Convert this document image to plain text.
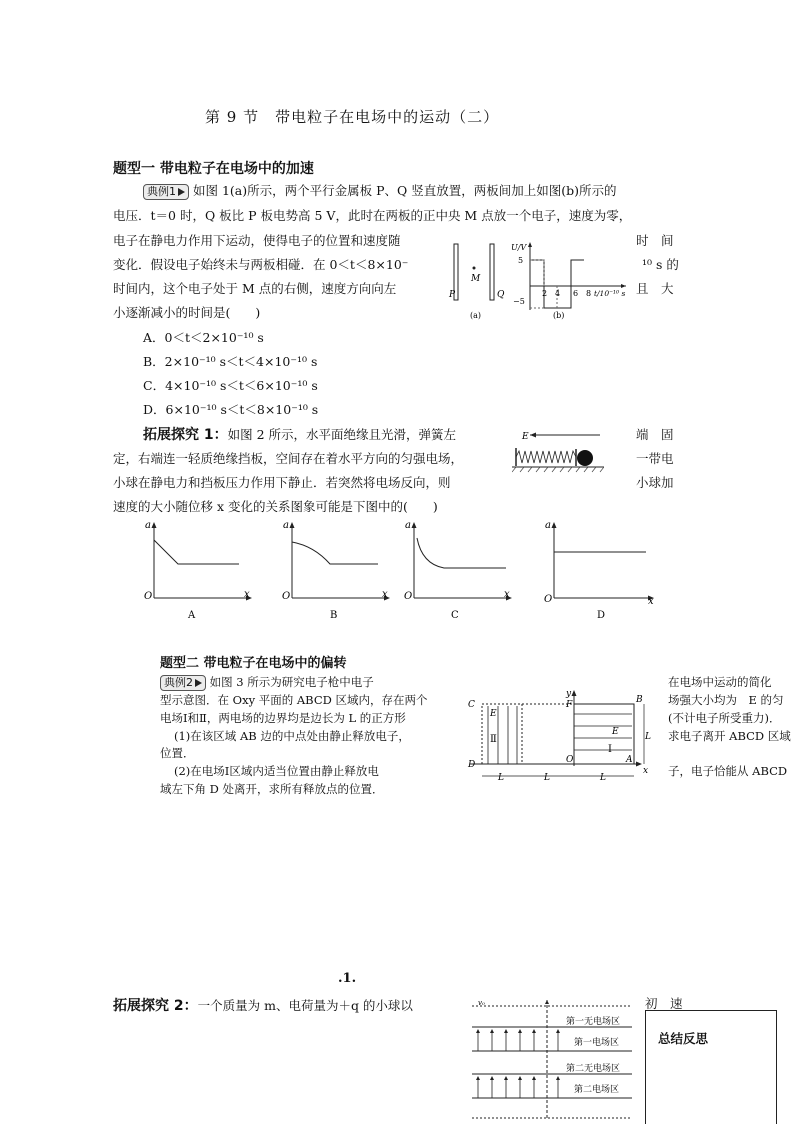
第 9 节　带电粒子在电场中的运动（二）
题型一 带电粒子在电场中的加速
典例1 如图 1(a)所示，两个平行金属板 P、Q 竖直放置，两板间加上如图(b)所示的
电压．t＝0 时，Q 板比 P 板电势高 5 V，此时在两板的正中央 M 点放一个电子，速度为零，
电子在静电力作用下运动，使得电子的位置和速度随
变化．假设电子始终未与两板相碰．在 0＜t＜8×10⁻
时间内，这个电子处于 M 点的右侧，速度方向向左
小逐渐减小的时间是(　　)
时　间
¹⁰ s 的
且　大
A．0＜t＜2×10⁻¹⁰ s
B．2×10⁻¹⁰ s＜t＜4×10⁻¹⁰ s
C．4×10⁻¹⁰ s＜t＜6×10⁻¹⁰ s
D．6×10⁻¹⁰ s＜t＜8×10⁻¹⁰ s
M
P	Q
(a)
U/V
5
−5
2 4 6 8 t/10⁻¹⁰ s
(b)
拓展探究 1：如图 2 所示，水平面绝缘且光滑，弹簧左
定，右端连一轻质绝缘挡板，空间存在着水平方向的匀强电场，
小球在静电力和挡板压力作用下静止．若突然将电场反向，则
速度的大小随位移 x 变化的关系图象可能是下图中的(　　)
端　固
一带电
小球加
E
a
x
O
A
a
x
O
B
a
x
O
C
a
x
O
D
题型二 带电粒子在电场中的偏转
典例2 如图 3 所示为研究电子枪中电子
型示意图．在 Oxy 平面的 ABCD 区域内，存在两个
电场Ⅰ和Ⅱ，两电场的边界均是边长为 L 的正方形
(1)在该区域 AB 边的中点处由静止释放电子，
位置．
(2)在电场Ⅰ区域内适当位置由静止释放电
域左下角 D 处离开，求所有释放点的位置．
在电场中运动的简化
场强大小均为　E 的匀
(不计电子所受重力)．
求电子离开 ABCD 区域
子，电子恰能从 ABCD
y
E
Ⅱ
C
D
E
Ⅰ
F	B
O	A
x
L
L	L	L
.1.
拓展探究 2：一个质量为 m、电荷量为＋q 的小球以	初　速
v₀
第一无电场区
第一电场区
第二无电场区
第二电场区
总结反思
